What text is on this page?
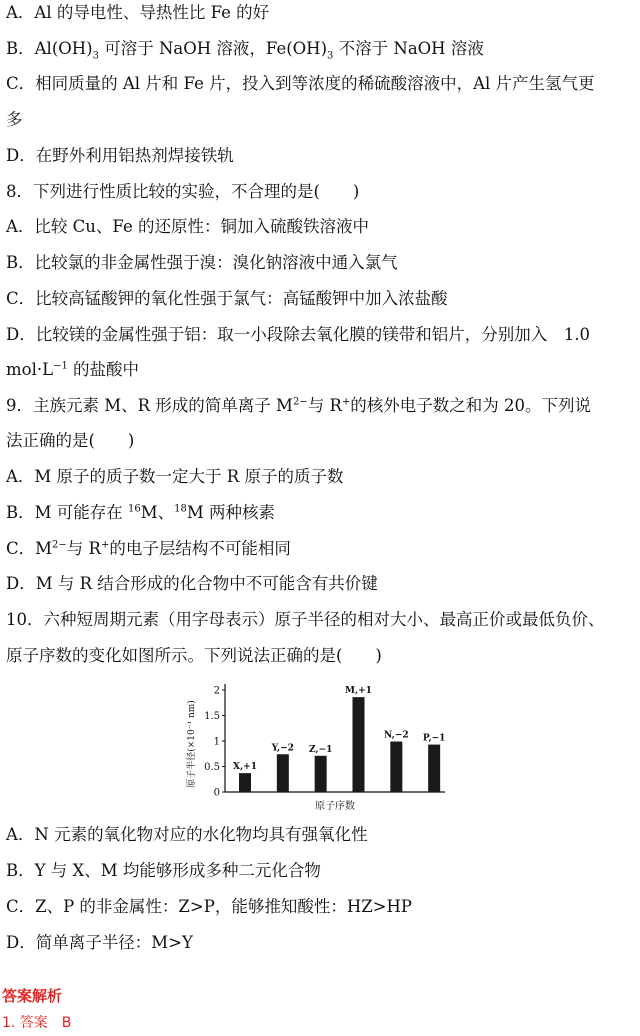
A．Al 的导电性、导热性比 Fe 的好
B．$Al(OH)_3$ 可溶于 NaOH 溶液，$Fe(OH)_3$ 不溶于 NaOH 溶液
C．相同质量的 Al 片和 Fe 片，投入到等浓度的稀硫酸溶液中，Al 片产生氢气更
多
D．在野外利用铝热剂焊接铁轨
8．下列进行性质比较的实验，不合理的是(　　)
A．比较 Cu、Fe 的还原性：铜加入硫酸铁溶液中
B．比较氯的非金属性强于溴：溴化钠溶液中通入氯气
C．比较高锰酸钾的氧化性强于氯气：高锰酸钾中加入浓盐酸
D．比较镁的金属性强于铝：取一小段除去氧化膜的镁带和铝片，分别加入　1.0
$mol\cdot L^{-1}$ 的盐酸中
9．主族元素 M、R 形成的简单离子 $M^{2-}$与 R+的核外电子数之和为 20。下列说
法正确的是(　　)
A．M 原子的质子数一定大于 R 原子的质子数
B．M 可能存在 $^{16}$M、$^{18}$M 两种核素
C．$M^{2-}$与 R+的电子层结构不可能相同
D．M 与 R 结合形成的化合物中不可能含有共价键
10．六种短周期元素（用字母表示）原子半径的相对大小、最高正价或最低负价、
原子序数的变化如图所示。下列说法正确的是(　　)
原子半径(×10⁻¹ nm)
0
0.5
1
1.5
2
X,+1
Y,−2 Z,−1
M,+1
N,−2 P,−1
原子序数
A．N 元素的氧化物对应的水化物均具有强氧化性
B．Y 与 X、M 均能够形成多种二元化合物
C．Z、P 的非金属性：Z>P，能够推知酸性：HZ>HP
D．简单离子半径：M>Y
答案解析
1. 答案　B
